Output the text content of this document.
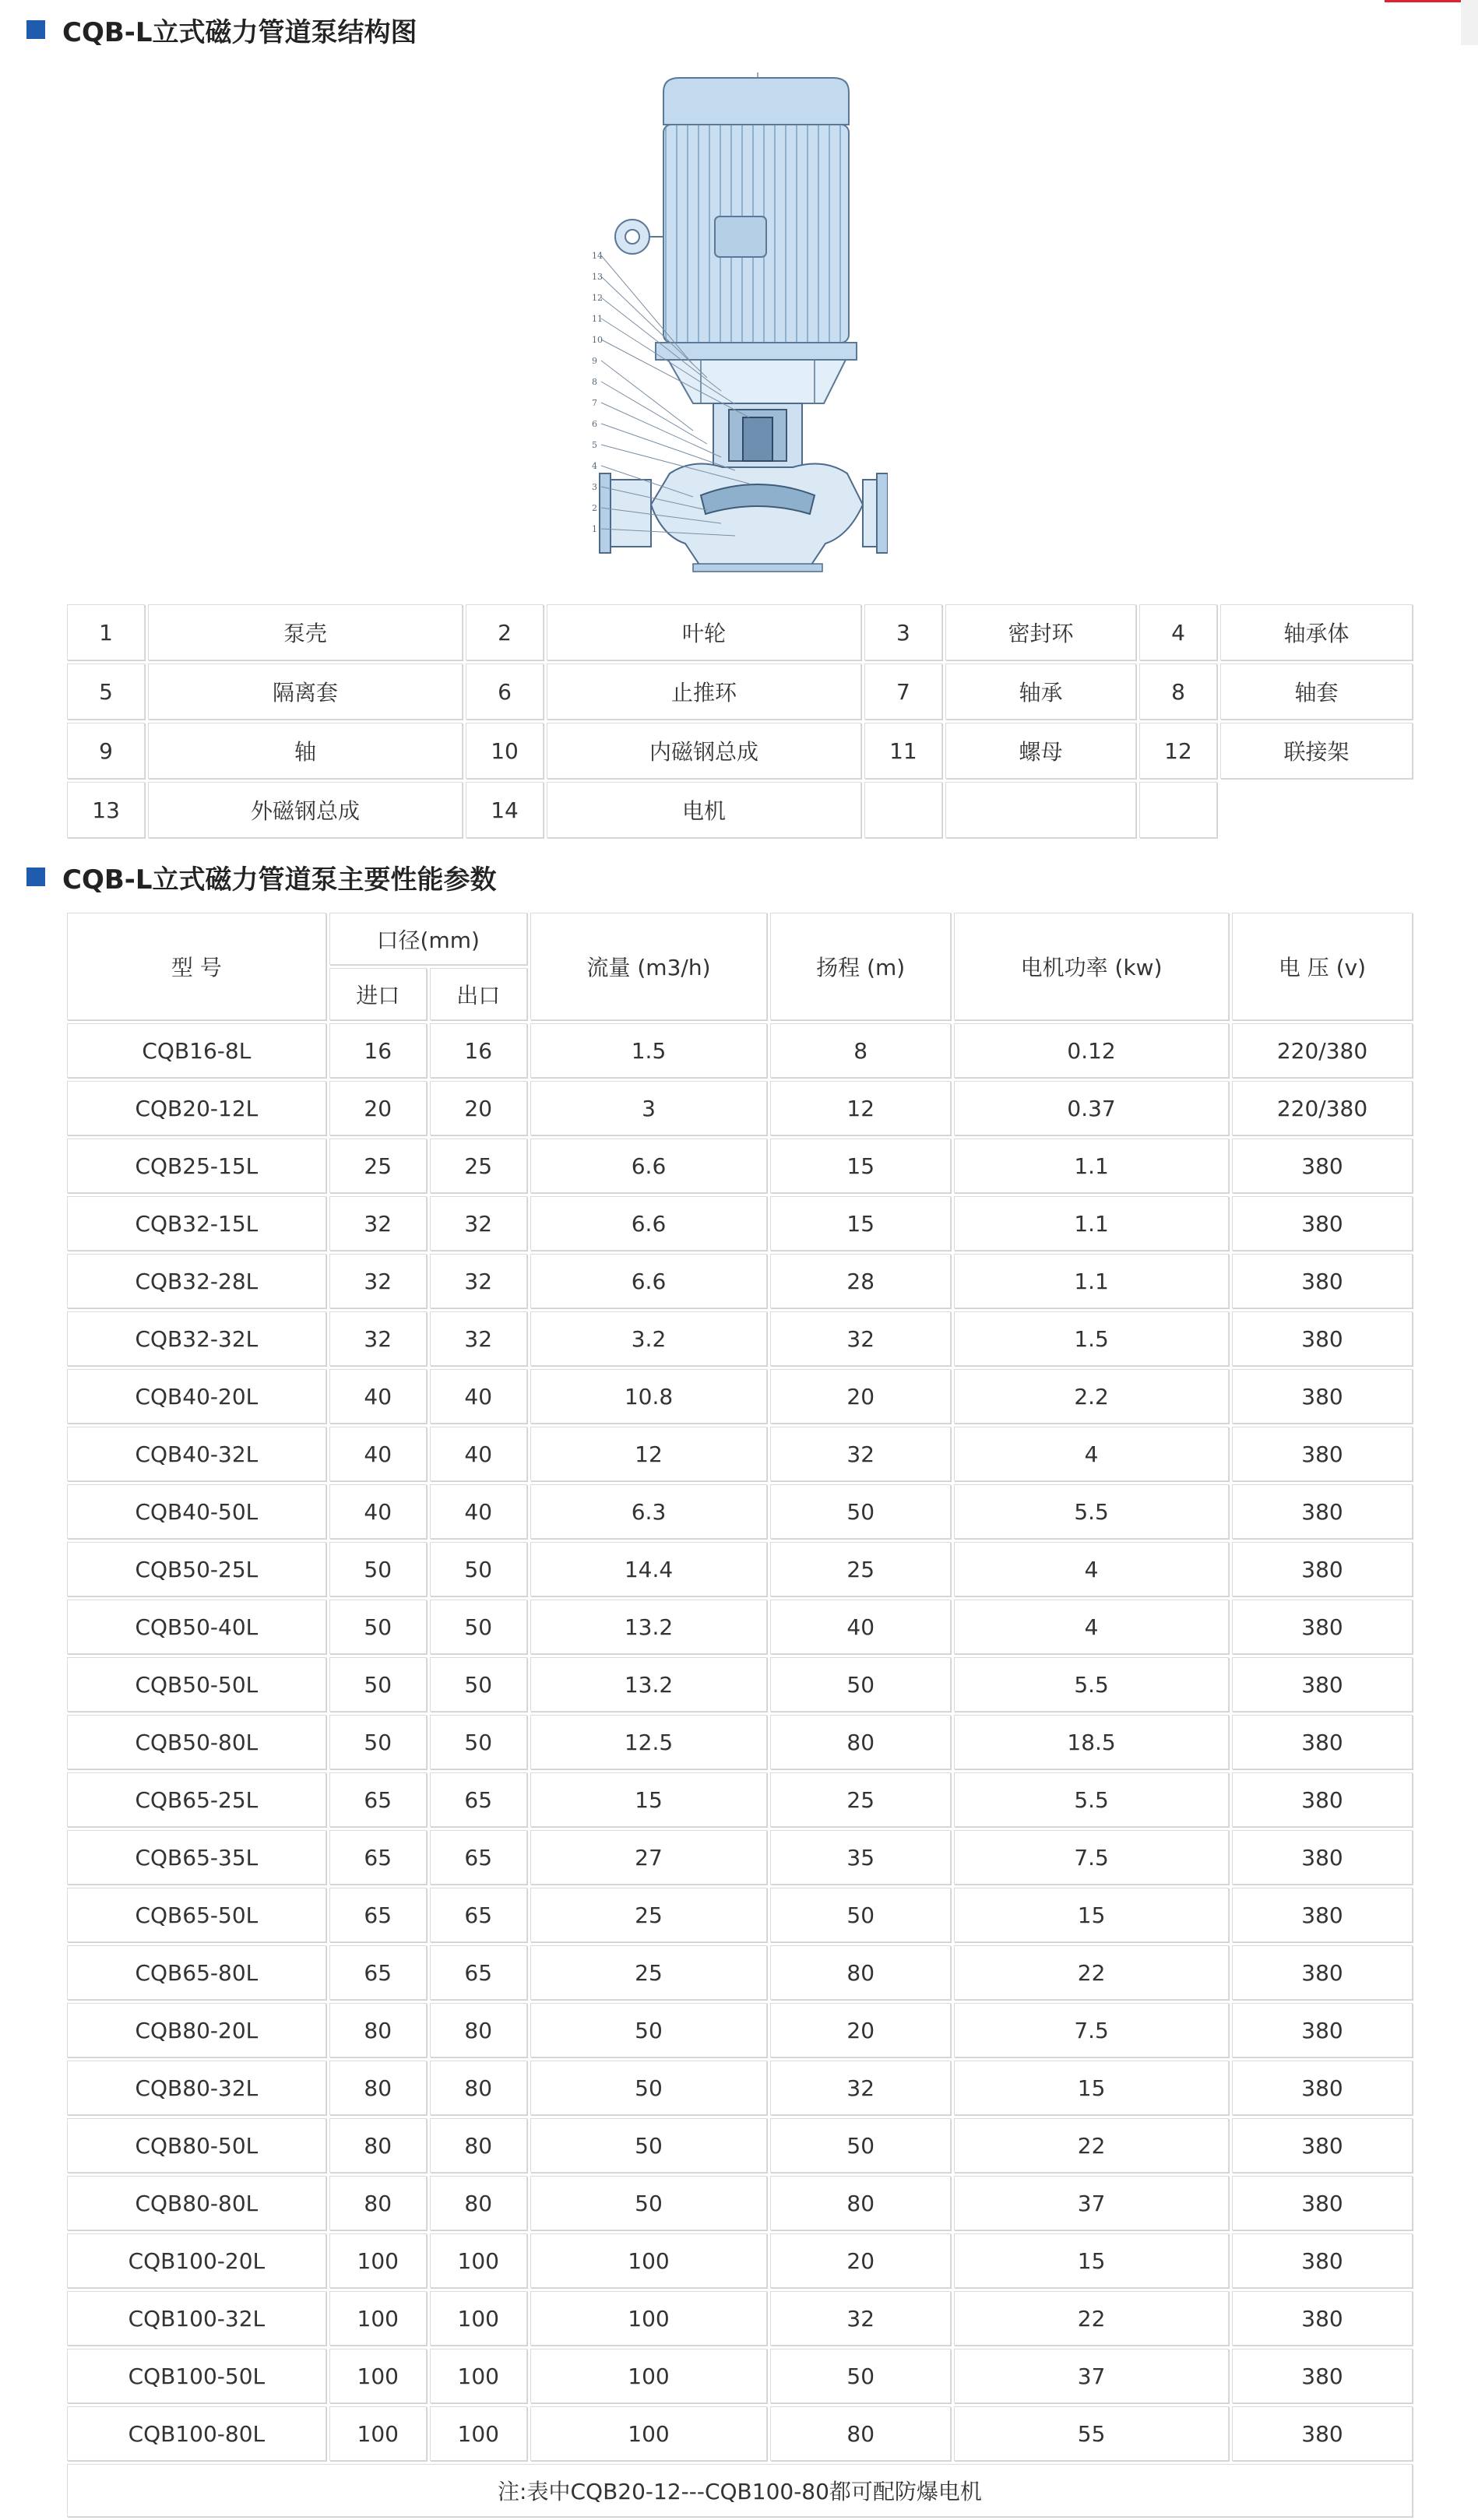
CQB-L立式磁力管道泵结构图
14
13
12
11
10
9
8
7
6
5
4
3
2
1
1	泵壳	2	叶轮	3	密封环	4	轴承体
5	隔离套	6	止推环	7	轴承	8	轴套
9	轴	10	内磁钢总成	11	螺母	12	联接架
13	外磁钢总成	14	电机				
CQB-L立式磁力管道泵主要性能参数
型 号	口径(mm)		流量 (m3/h)	扬程 (m)	电机功率 (kw)	电 压 (v)
	进口	出口				
CQB16-8L	16	16	1.5	8	0.12	220/380
CQB20-12L	20	20	3	12	0.37	220/380
CQB25-15L	25	25	6.6	15	1.1	380
CQB32-15L	32	32	6.6	15	1.1	380
CQB32-28L	32	32	6.6	28	1.1	380
CQB32-32L	32	32	3.2	32	1.5	380
CQB40-20L	40	40	10.8	20	2.2	380
CQB40-32L	40	40	12	32	4	380
CQB40-50L	40	40	6.3	50	5.5	380
CQB50-25L	50	50	14.4	25	4	380
CQB50-40L	50	50	13.2	40	4	380
CQB50-50L	50	50	13.2	50	5.5	380
CQB50-80L	50	50	12.5	80	18.5	380
CQB65-25L	65	65	15	25	5.5	380
CQB65-35L	65	65	27	35	7.5	380
CQB65-50L	65	65	25	50	15	380
CQB65-80L	65	65	25	80	22	380
CQB80-20L	80	80	50	20	7.5	380
CQB80-32L	80	80	50	32	15	380
CQB80-50L	80	80	50	50	22	380
CQB80-80L	80	80	50	80	37	380
CQB100-20L	100	100	100	20	15	380
CQB100-32L	100	100	100	32	22	380
CQB100-50L	100	100	100	50	37	380
CQB100-80L	100	100	100	80	55	380
注:表中CQB20-12---CQB100-80都可配防爆电机						
